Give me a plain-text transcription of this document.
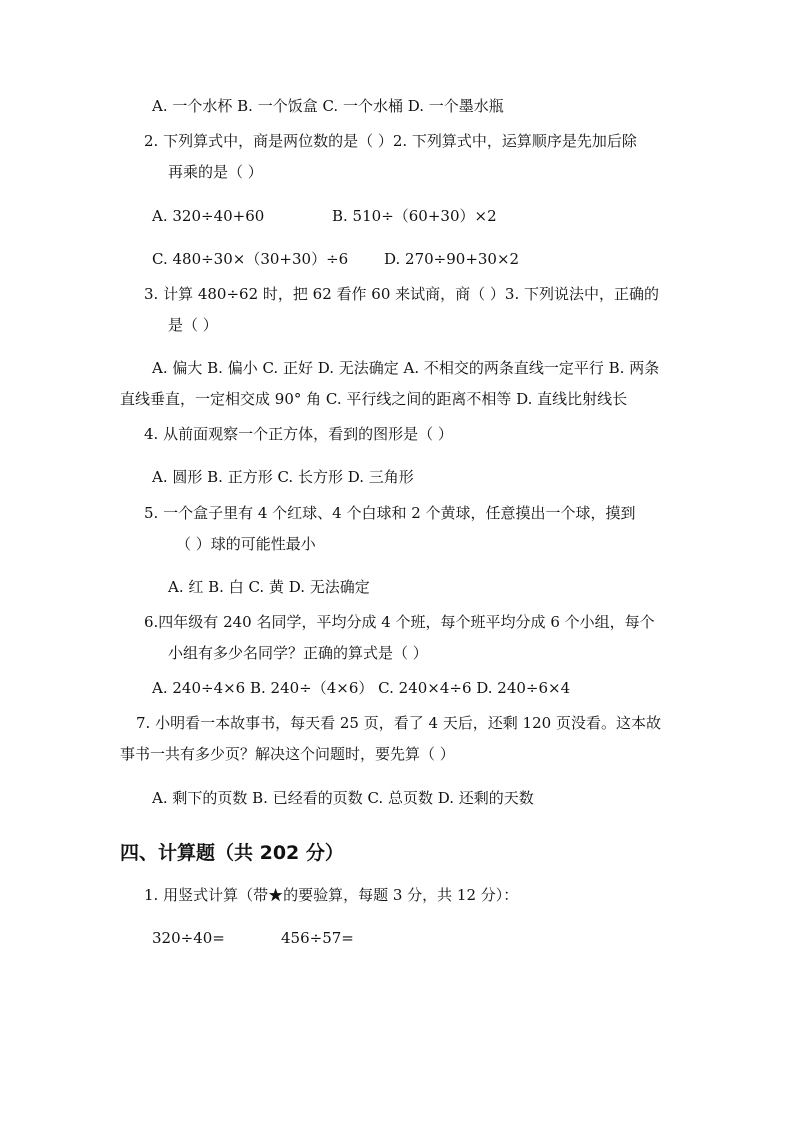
A. 一个水杯 B. 一个饭盒 C. 一个水桶 D. 一个墨水瓶
2. 下列算式中，商是两位数的是（ ）2. 下列算式中，运算顺序是先加后除
再乘的是（ ）
A. 320÷40+60	B. 510÷（60+30）×2
C. 480÷30×（30+30）÷6 D. 270÷90+30×2
3. 计算 480÷62 时，把 62 看作 60 来试商，商（ ）3. 下列说法中，正确的
是（ ）
A. 偏大 B. 偏小 C. 正好 D. 无法确定 A. 不相交的两条直线一定平行 B. 两条
直线垂直，一定相交成 90° 角 C. 平行线之间的距离不相等 D. 直线比射线长
4. 从前面观察一个正方体，看到的图形是（ ）
A. 圆形 B. 正方形 C. 长方形 D. 三角形
5. 一个盒子里有 4 个红球、4 个白球和 2 个黄球，任意摸出一个球，摸到
（ ）球的可能性最小
A. 红 B. 白 C. 黄 D. 无法确定
6.四年级有 240 名同学，平均分成 4 个班，每个班平均分成 6 个小组，每个
小组有多少名同学？正确的算式是（ ）
A. 240÷4×6 B. 240÷（4×6） C. 240×4÷6 D. 240÷6×4
7. 小明看一本故事书，每天看 25 页，看了 4 天后，还剩 120 页没看。这本故
事书一共有多少页？解决这个问题时，要先算（ ）
A. 剩下的页数 B. 已经看的页数 C. 总页数 D. 还剩的天数
四、计算题（共 202 分）
1. 用竖式计算（带★的要验算，每题 3 分，共 12 分）：
320÷40=	456÷57=
